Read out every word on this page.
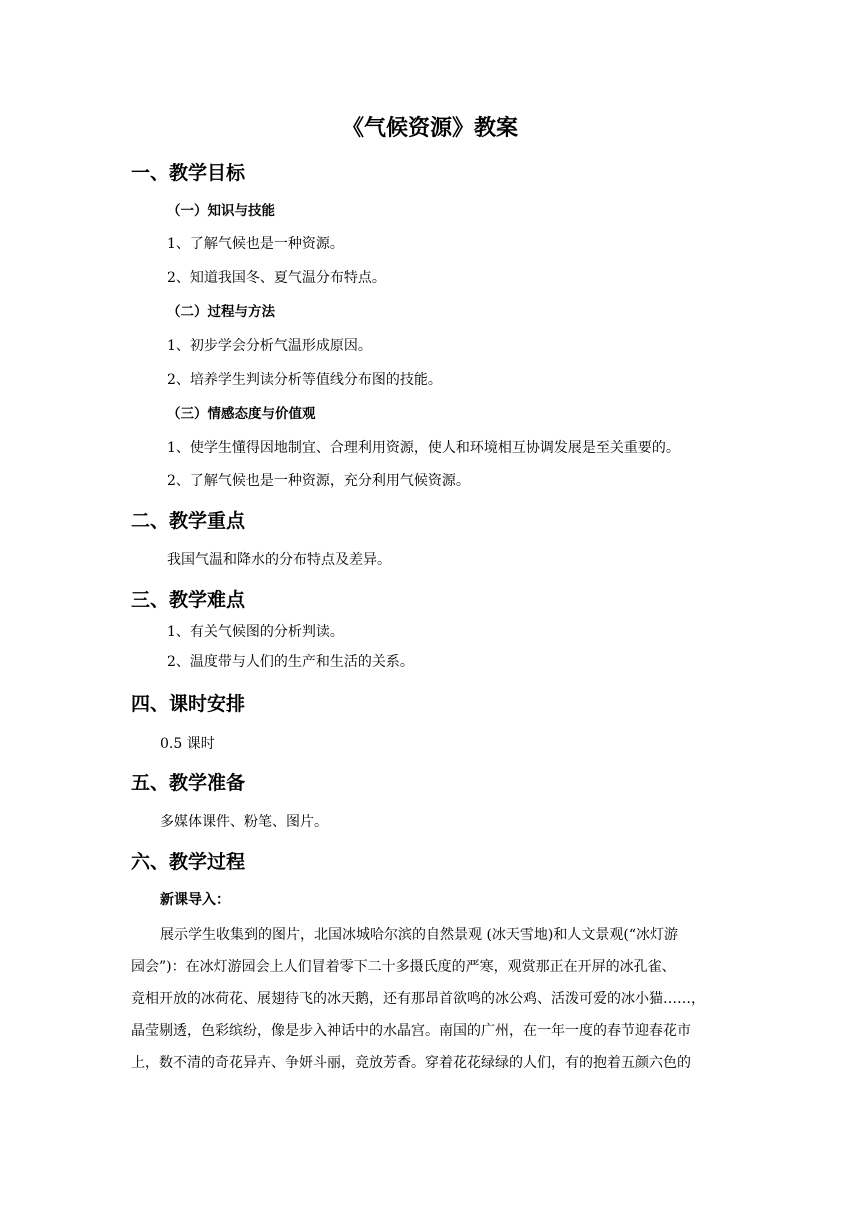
《气候资源》教案
一、教学目标
（一）知识与技能
1、了解气候也是一种资源。
2、知道我国冬、夏气温分布特点。
（二）过程与方法
1、初步学会分析气温形成原因。
2、培养学生判读分析等值线分布图的技能。
（三）情感态度与价值观
1、使学生懂得因地制宜、合理利用资源，使人和环境相互协调发展是至关重要的。
2、了解气候也是一种资源，充分利用气候资源。
二、教学重点
我国气温和降水的分布特点及差异。
三、教学难点
1、有关气候图的分析判读。
2、温度带与人们的生产和生活的关系。
四、课时安排
0.5 课时
五、教学准备
多媒体课件、粉笔、图片。
六、教学过程
新课导入：
展示学生收集到的图片，北国冰城哈尔滨的自然景观 (冰天雪地)和人文景观(“冰灯游
园会”)：在冰灯游园会上人们冒着零下二十多摄氏度的严寒，观赏那正在开屏的冰孔雀、
竞相开放的冰荷花、展翅待飞的冰天鹅，还有那昂首欲鸣的冰公鸡、活泼可爱的冰小猫……，
晶莹剔透，色彩缤纷，像是步入神话中的水晶宫。南国的广州，在一年一度的春节迎春花市
上，数不清的奇花异卉、争妍斗丽，竞放芳香。穿着花花绿绿的人们，有的抱着五颜六色的
